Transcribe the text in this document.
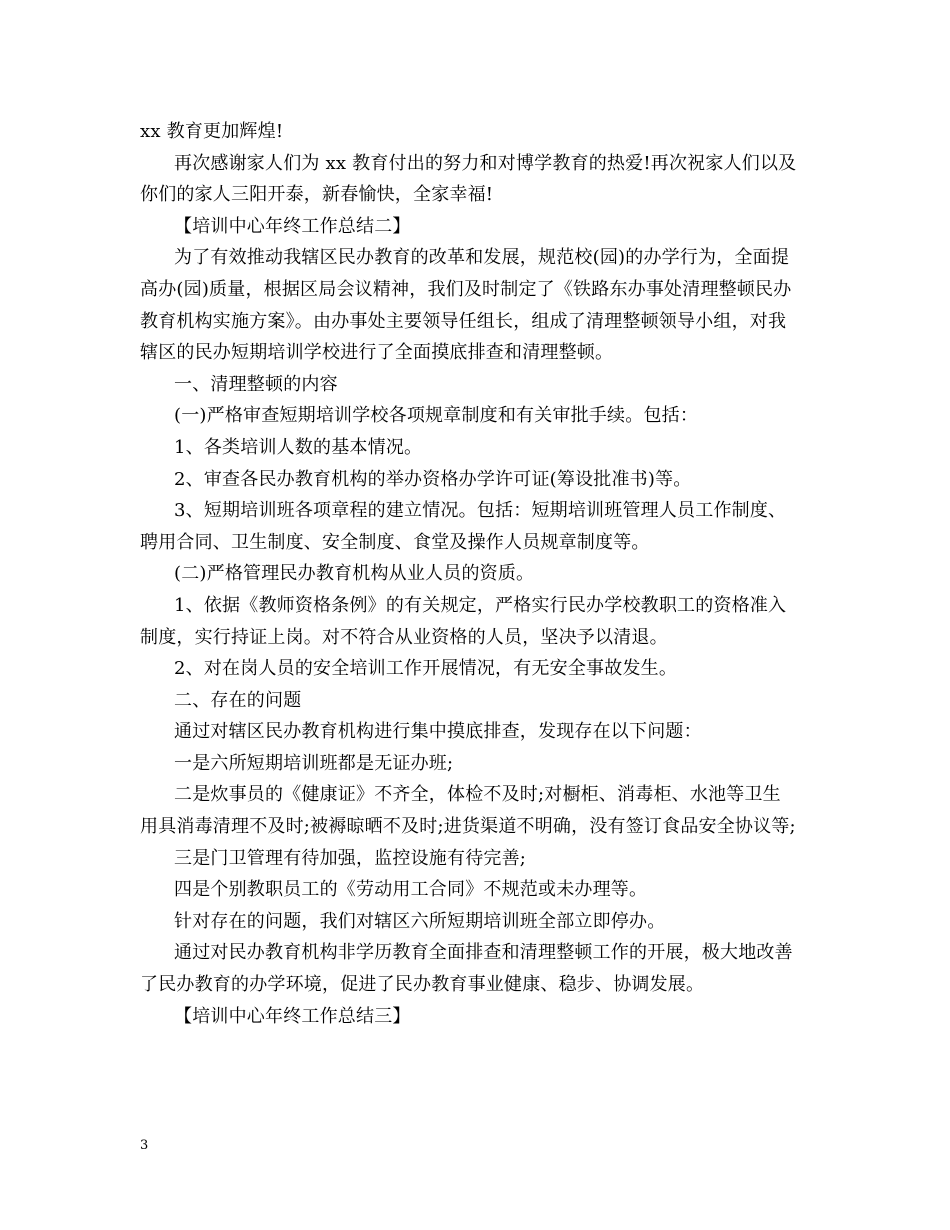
xx 教育更加辉煌!
再次感谢家人们为 xx 教育付出的努力和对博学教育的热爱!再次祝家人们以及
你们的家人三阳开泰，新春愉快，全家幸福!
【培训中心年终工作总结二】
为了有效推动我辖区民办教育的改革和发展，规范校(园)的办学行为，全面提
高办(园)质量，根据区局会议精神，我们及时制定了《铁路东办事处清理整顿民办
教育机构实施方案》。由办事处主要领导任组长，组成了清理整顿领导小组，对我
辖区的民办短期培训学校进行了全面摸底排查和清理整顿。
一、清理整顿的内容
(一)严格审查短期培训学校各项规章制度和有关审批手续。包括：
1、各类培训人数的基本情况。
2、审查各民办教育机构的举办资格办学许可证(筹设批准书)等。
3、短期培训班各项章程的建立情况。包括：短期培训班管理人员工作制度、
聘用合同、卫生制度、安全制度、食堂及操作人员规章制度等。
(二)严格管理民办教育机构从业人员的资质。
1、依据《教师资格条例》的有关规定，严格实行民办学校教职工的资格准入
制度，实行持证上岗。对不符合从业资格的人员，坚决予以清退。
2、对在岗人员的安全培训工作开展情况，有无安全事故发生。
二、存在的问题
通过对辖区民办教育机构进行集中摸底排查，发现存在以下问题：
一是六所短期培训班都是无证办班;
二是炊事员的《健康证》不齐全，体检不及时;对橱柜、消毒柜、水池等卫生
用具消毒清理不及时;被褥晾晒不及时;进货渠道不明确，没有签订食品安全协议等;
三是门卫管理有待加强，监控设施有待完善;
四是个别教职员工的《劳动用工合同》不规范或未办理等。
针对存在的问题，我们对辖区六所短期培训班全部立即停办。
通过对民办教育机构非学历教育全面排查和清理整顿工作的开展，极大地改善
了民办教育的办学环境，促进了民办教育事业健康、稳步、协调发展。
【培训中心年终工作总结三】
3
